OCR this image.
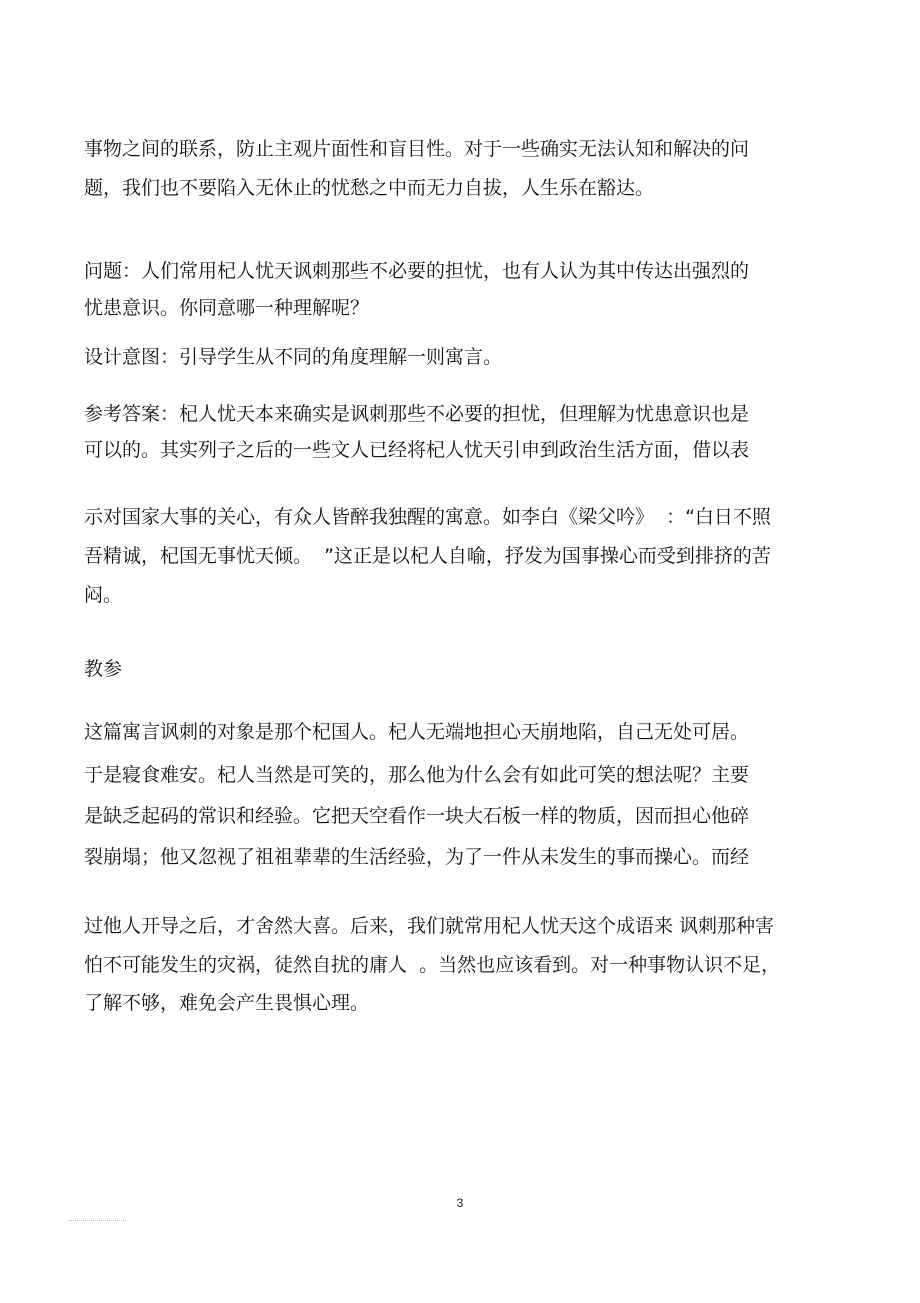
事物之间的联系，防止主观片面性和盲目性。对于一些确实无法认知和解决的问

题，我们也不要陷入无休止的忧愁之中而无力自拔，人生乐在豁达。

问题：人们常用杞人忧天讽刺那些不必要的担忧，也有人认为其中传达出强烈的

忧患意识。你同意哪一种理解呢？

设计意图：引导学生从不同的角度理解一则寓言。

参考答案：杞人忧天本来确实是讽刺那些不必要的担忧，但理解为忧患意识也是

可以的。其实列子之后的一些文人已经将杞人忧天引申到政治生活方面，借以表

示对国家大事的关心，有众人皆醉我独醒的寓意。如李白《梁父吟》  ：“白日不照

吾精诚，杞国无事忧天倾。  ”这正是以杞人自喻，抒发为国事操心而受到排挤的苦

闷。

教参

这篇寓言讽刺的对象是那个杞国人。杞人无端地担心天崩地陷，自己无处可居。

于是寝食难安。杞人当然是可笑的，那么他为什么会有如此可笑的想法呢？主要

是缺乏起码的常识和经验。它把天空看作一块大石板一样的物质，因而担心他碎

裂崩塌；他又忽视了祖祖辈辈的生活经验，为了一件从未发生的事而操心。而经

过他人开导之后，才舍然大喜。后来，我们就常用杞人忧天这个成语来 讽刺那种害

怕不可能发生的灾祸，徒然自扰的庸人  。当然也应该看到。对一种事物认识不足，

了解不够，难免会产生畏惧心理。

3
